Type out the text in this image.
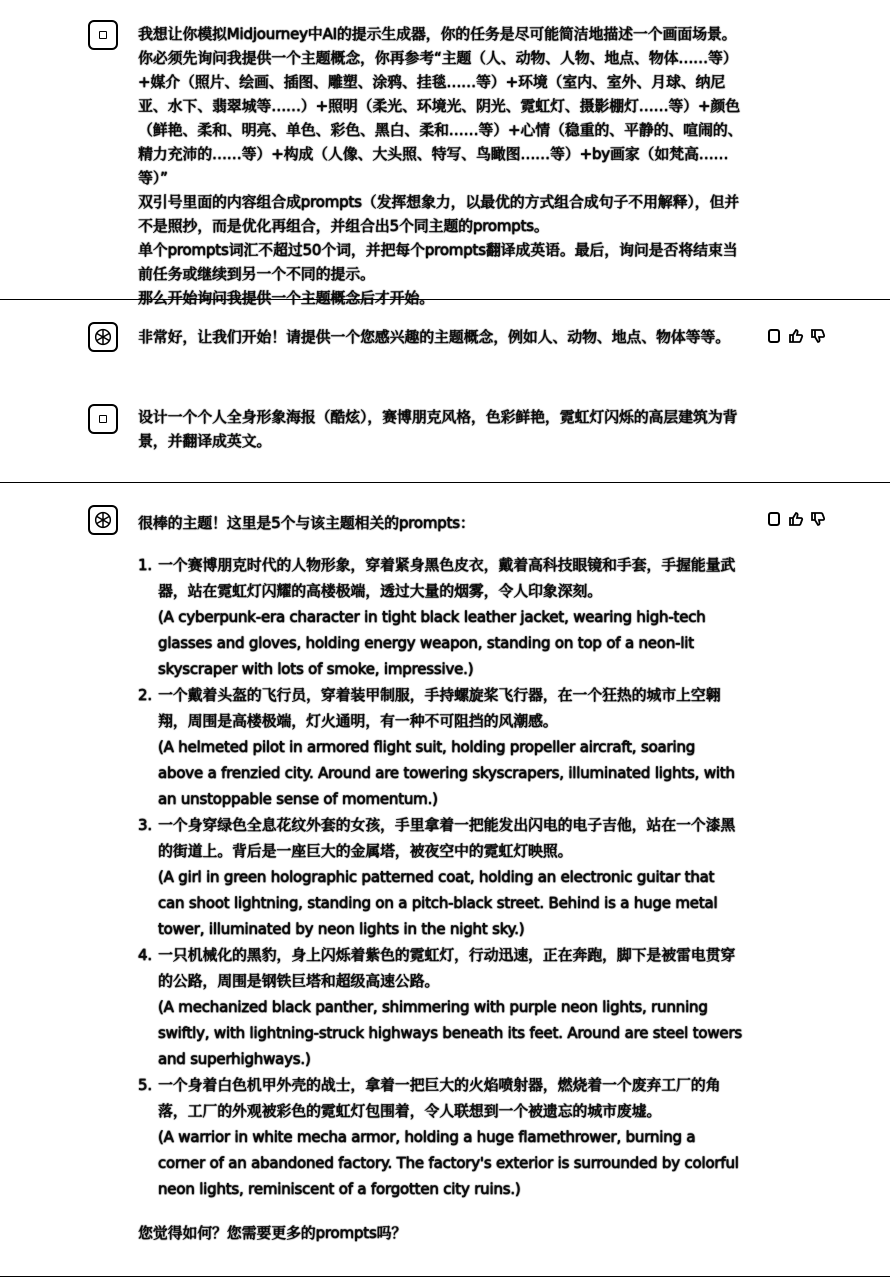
我想让你模拟Midjourney中AI的提示生成器，你的任务是尽可能简洁地描述一个画面场景。你必须先询问我提供一个主题概念，你再参考“主题（人、动物、人物、地点、物体……等）+媒介（照片、绘画、插图、雕塑、涂鸦、挂毯……等）+环境（室内、室外、月球、纳尼亚、水下、翡翠城等……）+照明（柔光、环境光、阴光、霓虹灯、摄影棚灯……等）+颜色（鲜艳、柔和、明亮、单色、彩色、黑白、柔和……等）+心情（稳重的、平静的、喧闹的、精力充沛的……等）+构成（人像、大头照、特写、鸟瞰图……等）+by画家（如梵高……等）”

双引号里面的内容组合成prompts（发挥想象力，以最优的方式组合成句子不用解释），但并不是照抄，而是优化再组合，并组合出5个同主题的prompts。

单个prompts词汇不超过50个词，并把每个prompts翻译成英语。最后，询问是否将结束当前任务或继续到另一个不同的提示。

那么开始询问我提供一个主题概念后才开始。

非常好，让我们开始！请提供一个您感兴趣的主题概念，例如人、动物、地点、物体等等。

设计一个个人全身形象海报（酷炫），赛博朋克风格，色彩鲜艳，霓虹灯闪烁的高层建筑为背景，并翻译成英文。

很棒的主题！这里是5个与该主题相关的prompts：

1. 一个赛博朋克时代的人物形象，穿着紧身黑色皮衣，戴着高科技眼镜和手套，手握能量武器，站在霓虹灯闪耀的高楼极端，透过大量的烟雾，令人印象深刻。
(A cyberpunk-era character in tight black leather jacket, wearing high-tech glasses and gloves, holding energy weapon, standing on top of a neon-lit skyscraper with lots of smoke, impressive.)
2. 一个戴着头盔的飞行员，穿着装甲制服，手持螺旋桨飞行器，在一个狂热的城市上空翱翔，周围是高楼极端，灯火通明，有一种不可阻挡的风潮感。
(A helmeted pilot in armored flight suit, holding propeller aircraft, soaring above a frenzied city. Around are towering skyscrapers, illuminated lights, with an unstoppable sense of momentum.)
3. 一个身穿绿色全息花纹外套的女孩，手里拿着一把能发出闪电的电子吉他，站在一个漆黑的街道上。背后是一座巨大的金属塔，被夜空中的霓虹灯映照。
(A girl in green holographic patterned coat, holding an electronic guitar that can shoot lightning, standing on a pitch-black street. Behind is a huge metal tower, illuminated by neon lights in the night sky.)
4. 一只机械化的黑豹，身上闪烁着紫色的霓虹灯，行动迅速，正在奔跑，脚下是被雷电贯穿的公路，周围是钢铁巨塔和超级高速公路。
(A mechanized black panther, shimmering with purple neon lights, running swiftly, with lightning-struck highways beneath its feet. Around are steel towers and superhighways.)
5. 一个身着白色机甲外壳的战士，拿着一把巨大的火焰喷射器，燃烧着一个废弃工厂的角落，工厂的外观被彩色的霓虹灯包围着，令人联想到一个被遗忘的城市废墟。
(A warrior in white mecha armor, holding a huge flamethrower, burning a corner of an abandoned factory. The factory's exterior is surrounded by colorful neon lights, reminiscent of a forgotten city ruins.)

您觉得如何？您需要更多的prompts吗？
